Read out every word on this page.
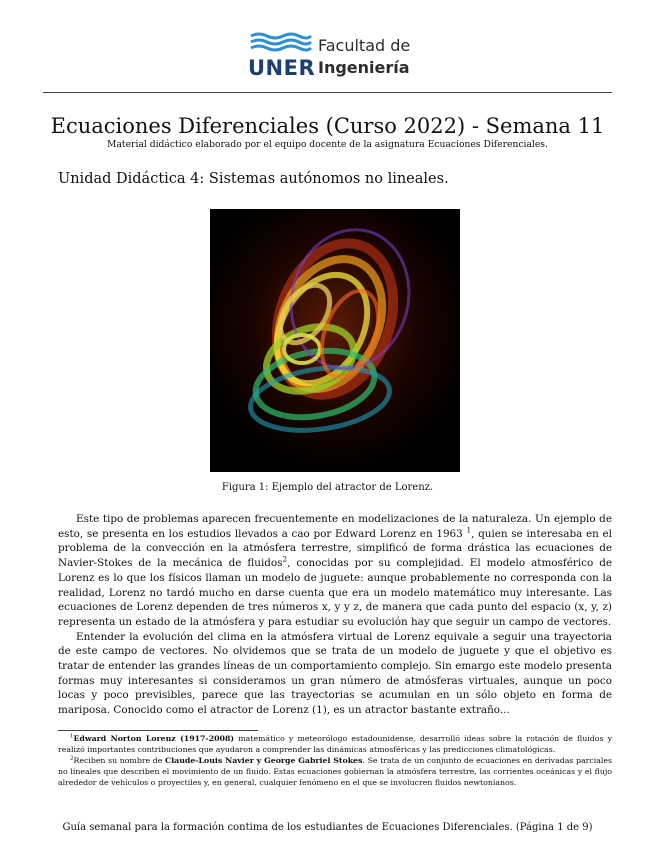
UNER
Facultad de
Ingeniería
Ecuaciones Diferenciales (Curso 2022) - Semana 11
Material didáctico elaborado por el equipo docente de la asignatura Ecuaciones Diferenciales.
Unidad Didáctica 4: Sistemas autónomos no lineales.
Figura 1: Ejemplo del atractor de Lorenz.

Este tipo de problemas aparecen frecuentemente en modelizaciones de la naturaleza. Un ejemplo de esto, se presenta en los estudios llevados a cao por Edward Lorenz en 1963 $^1$, quien se interesaba en el problema de la convección en la atmósfera terrestre, simplificó de forma drástica las ecuaciones de Navier-Stokes de la mecánica de fluidos$^2$, conocidas por su complejidad. El modelo atmosférico de Lorenz es lo que los físicos llaman un modelo de juguete: aunque probablemente no corresponda con la realidad, Lorenz no tardó mucho en darse cuenta que era un modelo matemático muy interesante. Las ecuaciones de Lorenz dependen de tres números x, y y z, de manera que cada punto del espacio (x, y, z) representa un estado de la atmósfera y para estudiar su evolución hay que seguir un campo de vectores.

Entender la evolución del clima en la atmósfera virtual de Lorenz equivale a seguir una trayectoria de este campo de vectores. No olvidemos que se trata de un modelo de juguete y que el objetivo es tratar de entender las grandes líneas de un comportamiento complejo. Sin emargo este modelo presenta formas muy interesantes si consideramos un gran número de atmósferas virtuales, aunque un poco locas y poco previsibles, parece que las trayectorias se acumulan en un sólo objeto en forma de mariposa. Conocido como el atractor de Lorenz (1), es un atractor bastante extraño...

$^1$Edward Norton Lorenz (1917-2008) matemático y meteorólogo estadounidense, desarrolló ideas sobre la rotación de fluidos y realizó importantes contribuciones que ayudaron a comprender las dinámicas atmosféricas y las predicciones climatológicas.

$^2$Reciben su nombre de Claude-Louis Navier y George Gabriel Stokes. Se trata de un conjunto de ecuaciones en derivadas parciales no lineales que describen el movimiento de un fluido. Estas ecuaciones gobiernan la atmósfera terrestre, las corrientes oceánicas y el flujo alrededor de vehículos o proyectiles y, en general, cualquier fenómeno en el que se involucren fluidos newtonianos.

Guía semanal para la formación contima de los estudiantes de Ecuaciones Diferenciales. (Página 1 de 9)
